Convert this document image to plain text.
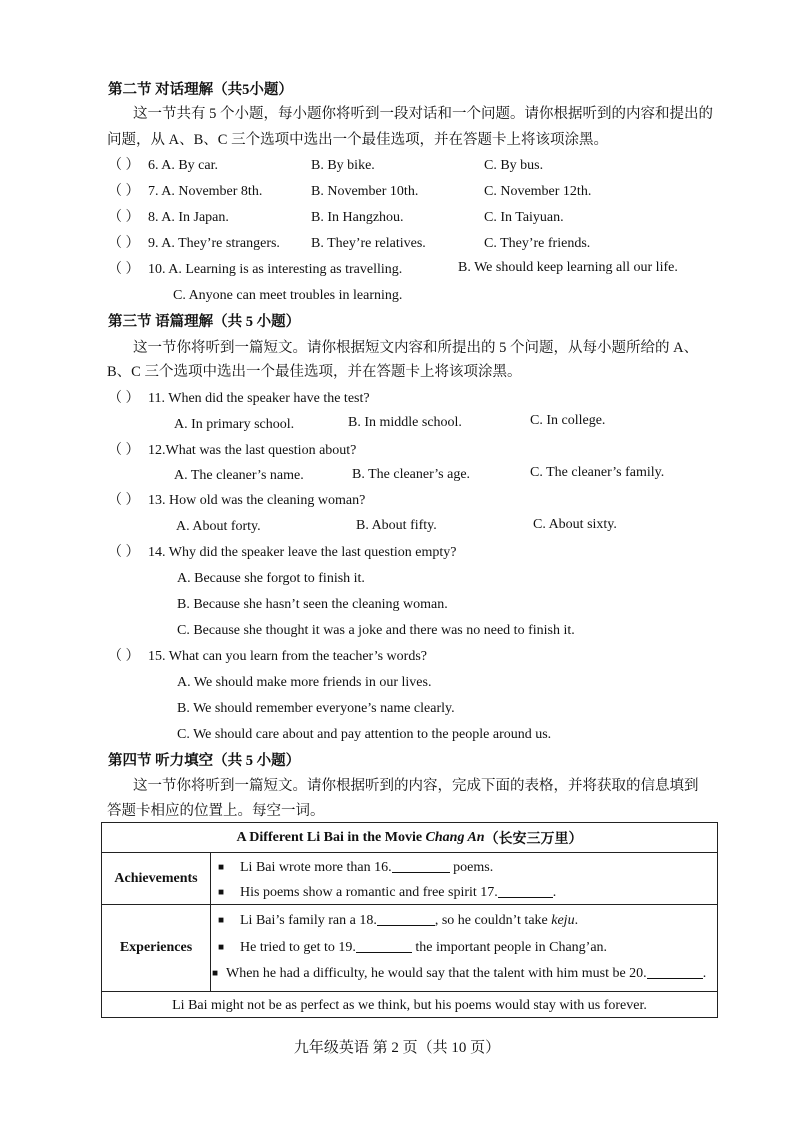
第二节 对话理解（共5小题）
这一节共有 5 个小题，每小题你将听到一段对话和一个问题。请你根据听到的内容和提出的
问题，从 A、B、C 三个选项中选出一个最佳选项，并在答题卡上将该项涂黑。
（ ） 6. A. By car.	B. By bike.	C. By bus.
（ ） 7. A. November 8th.	B. November 10th.	C. November 12th.
（ ） 8. A. In Japan.	B. In Hangzhou.	C. In Taiyuan.
（ ） 9. A. They’re strangers. B. They’re relatives.	C. They’re friends.
（ ） 10. A. Learning is as interesting as travelling.	B. We should keep learning all our life.
C. Anyone can meet troubles in learning.
第三节 语篇理解（共 5 小题）
这一节你将听到一篇短文。请你根据短文内容和所提出的 5 个问题，从每小题所给的 A、
B、C 三个选项中选出一个最佳选项，并在答题卡上将该项涂黑。
（ ） 11. When did the speaker have the test?
A. In primary school.	B. In middle school.	C. In college.
（ ） 12.What was the last question about?
A. The cleaner’s name.	B. The cleaner’s age.	C. The cleaner’s family.
（ ） 13. How old was the cleaning woman?
A. About forty.	B. About fifty.	C. About sixty.
（ ） 14. Why did the speaker leave the last question empty?
A. Because she forgot to finish it.
B. Because she hasn’t seen the cleaning woman.
C. Because she thought it was a joke and there was no need to finish it.
（ ） 15. What can you learn from the teacher’s words?
A. We should make more friends in our lives.
B. We should remember everyone’s name clearly.
C. We should care about and pay attention to the people around us.
第四节 听力填空（共 5 小题）
这一节你将听到一篇短文。请你根据听到的内容，完成下面的表格，并将获取的信息填到
答题卡相应的位置上。每空一词。
A Different Li Bai in the Movie
Chang An （长安三万里）
Achievements
■ Li Bai wrote more than 16.	poems.
■ His poems show a romantic and free spirit 17.	.
Experiences
■ Li Bai’s family ran a 18.	, so he couldn’t take keju.
■ He tried to get to 19.	the important people in Chang’an.
■ When he had a difficulty, he would say that the talent with him must be 20.	.
Li Bai might not be as perfect as we think, but his poems would stay with us forever.
九年级英语 第 2 页（共 10 页）
